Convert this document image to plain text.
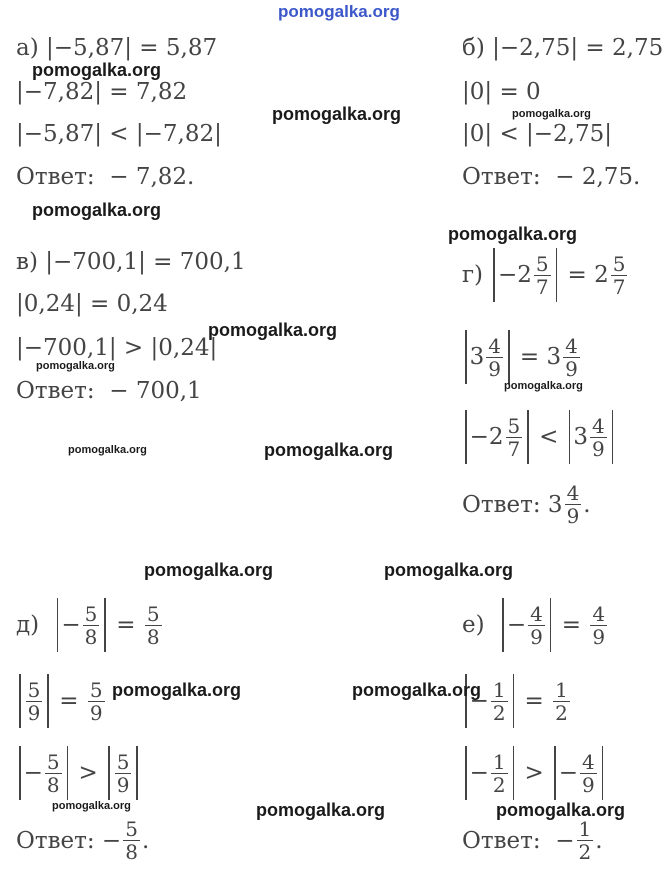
pomogalka.org
а) |−5,87| = 5,87
|−7,82| = 7,82
|−5,87| < |−7,82|
Ответ:  − 7,82.
б) |−2,75| = 2,75
|0| = 0
|0| < |−2,75|
Ответ:  − 2,75.
в) |−700,1| = 700,1
|0,24| = 0,24
|−700,1| > |0,24|
Ответ:  − 700,1
г)
$-2 \frac{5}{7}$
= $2 \frac{5}{7}$
$3 \frac{4}{9}$
= $3 \frac{4}{9}$
$-2 \frac{5}{7}$
<
$3 \frac{4}{9}$
Ответ: $3 \frac{4}{9}$ .
д)
− $\frac{5}{8}$
=
$\frac{5}{8}$
$\frac{5}{9}$
=
$\frac{5}{9}$
− $\frac{5}{8}$
>
$\frac{5}{9}$
Ответ: − $\frac{5}{8}$ .
е)
− $\frac{4}{9}$
=
$\frac{4}{9}$
− $\frac{1}{2}$
=
$\frac{1}{2}$
− $\frac{1}{2}$
>
− $\frac{4}{9}$
Ответ:  − $\frac{1}{2}$ .
pomogalka.org
pomogalka.org	pomogalka.org
pomogalka.org
pomogalka.org
pomogalka.org
pomogalka.org
pomogalka.org
pomogalka.org	pomogalka.org
pomogalka.org	pomogalka.org
pomogalka.org	pomogalka.org
pomogalka.org	pomogalka.org	pomogalka.org
